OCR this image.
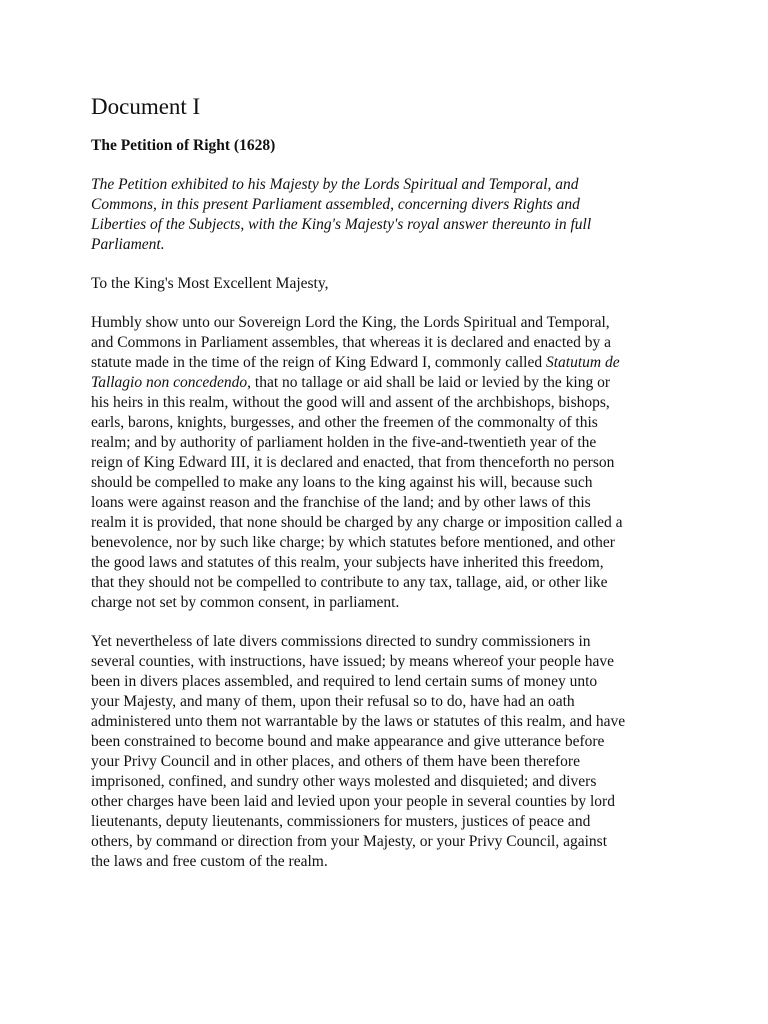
Document I
The Petition of Right (1628)
The Petition exhibited to his Majesty by the Lords Spiritual and Temporal, and
Commons, in this present Parliament assembled, concerning divers Rights and
Liberties of the Subjects, with the King's Majesty's royal answer thereunto in full
Parliament.
To the King's Most Excellent Majesty,
Humbly show unto our Sovereign Lord the King, the Lords Spiritual and Temporal,
and Commons in Parliament assembles, that whereas it is declared and enacted by a
statute made in the time of the reign of King Edward I, commonly called Statutum de
Tallagio non concedendo, that no tallage or aid shall be laid or levied by the king or
his heirs in this realm, without the good will and assent of the archbishops, bishops,
earls, barons, knights, burgesses, and other the freemen of the commonalty of this
realm; and by authority of parliament holden in the five-and-twentieth year of the
reign of King Edward III, it is declared and enacted, that from thenceforth no person
should be compelled to make any loans to the king against his will, because such
loans were against reason and the franchise of the land; and by other laws of this
realm it is provided, that none should be charged by any charge or imposition called a
benevolence, nor by such like charge; by which statutes before mentioned, and other
the good laws and statutes of this realm, your subjects have inherited this freedom,
that they should not be compelled to contribute to any tax, tallage, aid, or other like
charge not set by common consent, in parliament.
Yet nevertheless of late divers commissions directed to sundry commissioners in
several counties, with instructions, have issued; by means whereof your people have
been in divers places assembled, and required to lend certain sums of money unto
your Majesty, and many of them, upon their refusal so to do, have had an oath
administered unto them not warrantable by the laws or statutes of this realm, and have
been constrained to become bound and make appearance and give utterance before
your Privy Council and in other places, and others of them have been therefore
imprisoned, confined, and sundry other ways molested and disquieted; and divers
other charges have been laid and levied upon your people in several counties by lord
lieutenants, deputy lieutenants, commissioners for musters, justices of peace and
others, by command or direction from your Majesty, or your Privy Council, against
the laws and free custom of the realm.
